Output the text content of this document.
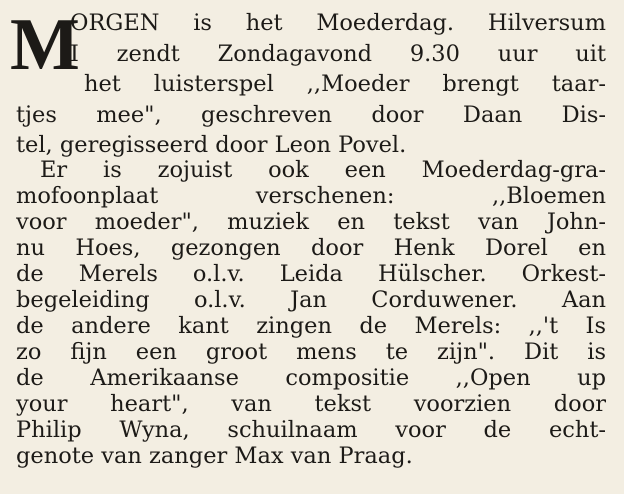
M
ORGEN is het Moederdag. Hilversum
I zendt Zondagavond 9.30 uur uit
het luisterspel ,,Moeder brengt taar-
tjes mee", geschreven door Daan Dis-
tel, geregisseerd door Leon Povel.
Er is zojuist ook een Moederdag-gra-
mofoonplaat verschenen: ,,Bloemen
voor moeder", muziek en tekst van John-
nu Hoes, gezongen door Henk Dorel en
de Merels o.l.v. Leida Hülscher. Orkest-
begeleiding o.l.v. Jan Corduwener. Aan
de andere kant zingen de Merels: ,,'t Is
zo fijn een groot mens te zijn". Dit is
de Amerikaanse compositie ,,Open up
your heart", van tekst voorzien door
Philip Wyna, schuilnaam voor de echt-
genote van zanger Max van Praag.
